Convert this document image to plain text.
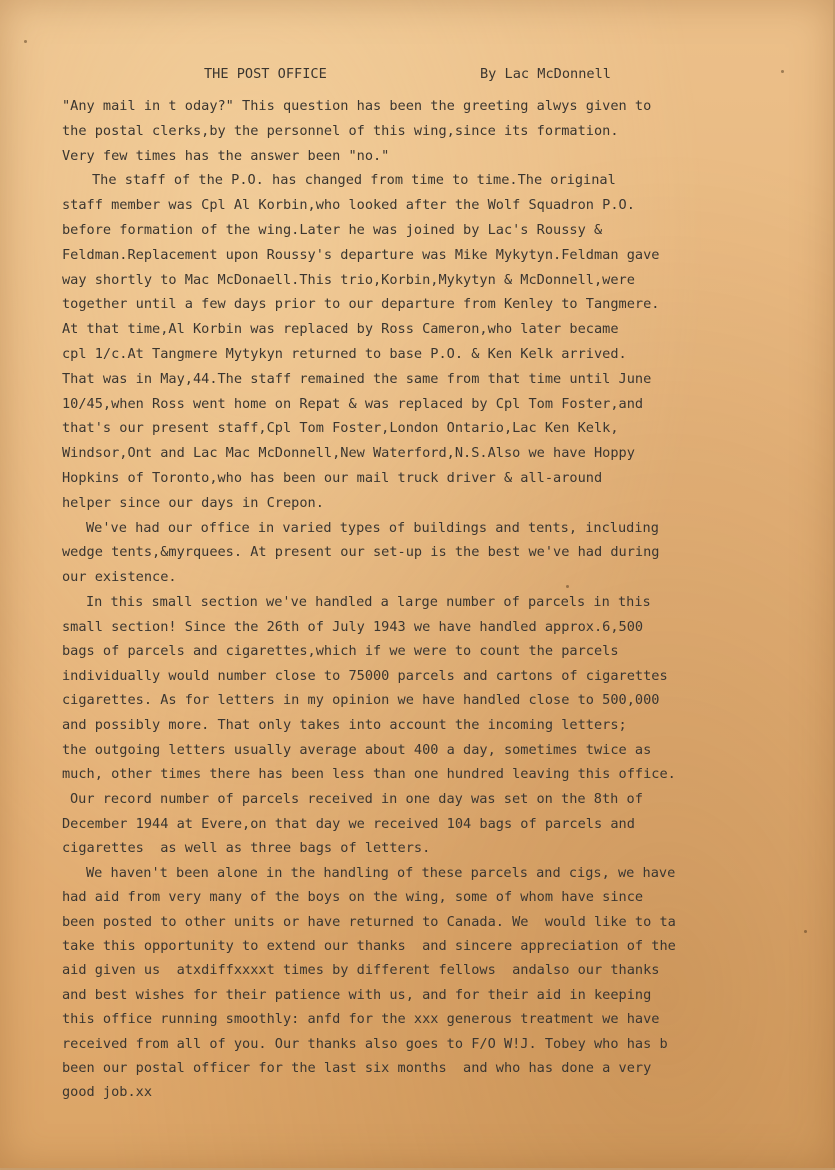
THE POST OFFICE	By Lac McDonnell
"Any mail in t oday?" This question has been the greeting alwys given to
the postal clerks,by the personnel of this wing,since its formation.
Very few times has the answer been "no."
The staff of the P.O. has changed from time to time.The original
staff member was Cpl Al Korbin,who looked after the Wolf Squadron P.O.
before formation of the wing.Later he was joined by Lac's Roussy &
Feldman.Replacement upon Roussy's departure was Mike Mykytyn.Feldman gave
way shortly to Mac McDonaell.This trio,Korbin,Mykytyn & McDonnell,were
together until a few days prior to our departure from Kenley to Tangmere.
At that time,Al Korbin was replaced by Ross Cameron,who later became
cpl 1/c.At Tangmere Mytykyn returned to base P.O. & Ken Kelk arrived.
That was in May,44.The staff remained the same from that time until June
10/45,when Ross went home on Repat & was replaced by Cpl Tom Foster,and
that's our present staff,Cpl Tom Foster,London Ontario,Lac Ken Kelk,
Windsor,Ont and Lac Mac McDonnell,New Waterford,N.S.Also we have Hoppy
Hopkins of Toronto,who has been our mail truck driver & all-around
helper since our days in Crepon.
We've had our office in varied types of buildings and tents, including
wedge tents,&myrquees. At present our set-up is the best we've had during
our existence.
In this small section we've handled a large number of parcels in this
small section! Since the 26th of July 1943 we have handled approx.6,500
bags of parcels and cigarettes,which if we were to count the parcels
individually would number close to 75000 parcels and cartons of cigarettes
cigarettes. As for letters in my opinion we have handled close to 500,000
and possibly more. That only takes into account the incoming letters;
the outgoing letters usually average about 400 a day, sometimes twice as
much, other times there has been less than one hundred leaving this office.
Our record number of parcels received in one day was set on the 8th of
December 1944 at Evere,on that day we received 104 bags of parcels and
cigarettes  as well as three bags of letters.
We haven't been alone in the handling of these parcels and cigs, we have
had aid from very many of the boys on the wing, some of whom have since
been posted to other units or have returned to Canada. We  would like to ta
take this opportunity to extend our thanks  and sincere appreciation of the
aid given us  atxdiffxxxxt times by different fellows  andalso our thanks
and best wishes for their patience with us, and for their aid in keeping
this office running smoothly: anfd for the xxx generous treatment we have
received from all of you. Our thanks also goes to F/O W!J. Tobey who has b
been our postal officer for the last six months  and who has done a very
good job.xx
